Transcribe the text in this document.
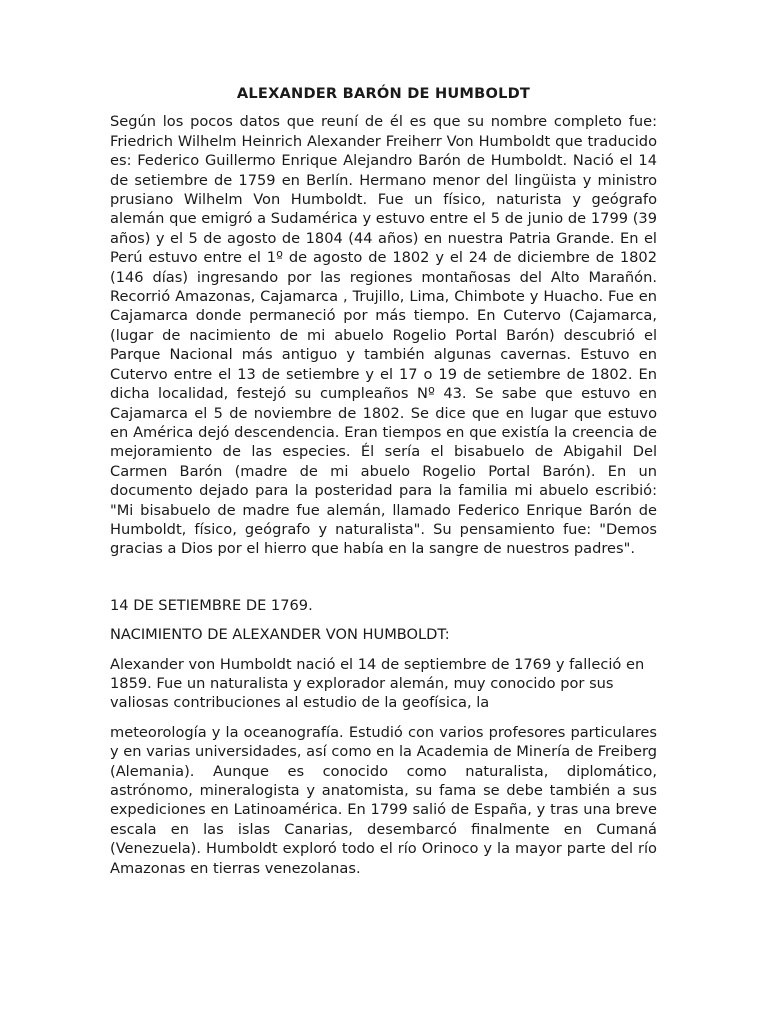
ALEXANDER BARÓN DE HUMBOLDT

Según los pocos datos que reuní de él es que su nombre completo fue: Friedrich Wilhelm Heinrich Alexander Freiherr Von Humboldt que traducido es: Federico Guillermo Enrique Alejandro Barón de Humboldt. Nació el 14 de setiembre de 1759 en Berlín. Hermano menor del lingüista y ministro prusiano Wilhelm Von Humboldt. Fue un físico, naturista y geógrafo alemán que emigró a Sudamérica y estuvo entre el 5 de junio de 1799 (39 años) y el 5 de agosto de 1804 (44 años) en nuestra Patria Grande. En el Perú estuvo entre el 1º de agosto de 1802 y el 24 de diciembre de 1802 (146 días) ingresando por las regiones montañosas del Alto Marañón. Recorrió Amazonas, Cajamarca , Trujillo, Lima, Chimbote y Huacho. Fue en Cajamarca donde permaneció por más tiempo. En Cutervo (Cajamarca, (lugar de nacimiento de mi abuelo Rogelio Portal Barón) descubrió el Parque Nacional más antiguo y también algunas cavernas. Estuvo en Cutervo entre el 13 de setiembre y el 17 o 19 de setiembre de 1802. En dicha localidad, festejó su cumpleaños Nº 43. Se sabe que estuvo en Cajamarca el 5 de noviembre de 1802. Se dice que en lugar que estuvo en América dejó descendencia. Eran tiempos en que existía la creencia de mejoramiento de las especies. Él sería el bisabuelo de Abigahil Del Carmen Barón (madre de mi abuelo Rogelio Portal Barón). En un documento dejado para la posteridad para la familia mi abuelo escribió: "Mi bisabuelo de madre fue alemán, llamado Federico Enrique Barón de Humboldt, físico, geógrafo y naturalista". Su pensamiento fue: "Demos gracias a Dios por el hierro que había en la sangre de nuestros padres".

14 DE SETIEMBRE DE 1769.

NACIMIENTO DE ALEXANDER VON HUMBOLDT:

Alexander von Humboldt nació el 14 de septiembre de 1769 y falleció en 1859. Fue un naturalista y explorador alemán, muy conocido por sus valiosas contribuciones al estudio de la geofísica, la

meteorología y la oceanografía. Estudió con varios profesores particulares y en varias universidades, así como en la Academia de Minería de Freiberg (Alemania). Aunque es conocido como naturalista, diplomático, astrónomo, mineralogista y anatomista, su fama se debe también a sus expediciones en Latinoamérica. En 1799 salió de España, y tras una breve escala en las islas Canarias, desembarcó finalmente en Cumaná (Venezuela). Humboldt exploró todo el río Orinoco y la mayor parte del río Amazonas en tierras venezolanas.
